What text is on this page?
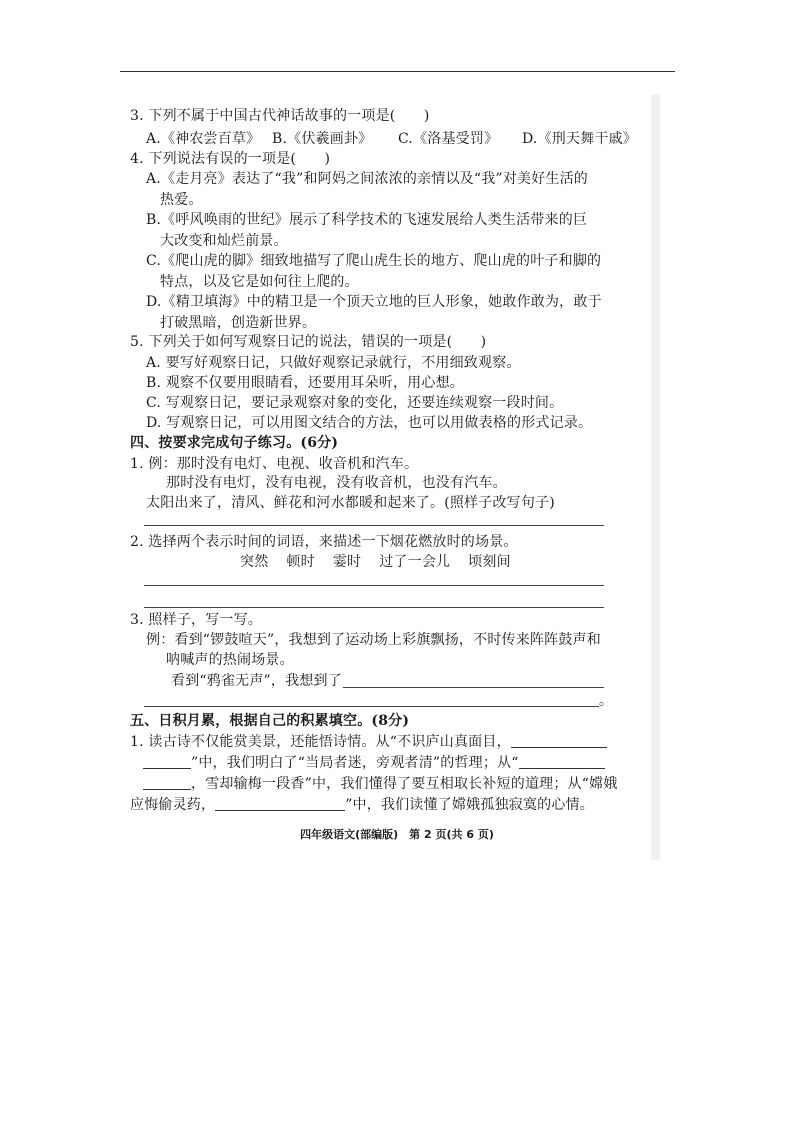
3. 下列不属于中国古代神话故事的一项是(　　)
A.《神农尝百草》 B.《伏羲画卦》 C.《洛基受罚》 D.《刑天舞干戚》
4. 下列说法有误的一项是(　　)
A.《走月亮》表达了“我”和阿妈之间浓浓的亲情以及“我”对美好生活的
热爱。
B.《呼风唤雨的世纪》展示了科学技术的飞速发展给人类生活带来的巨
大改变和灿烂前景。
C.《爬山虎的脚》细致地描写了爬山虎生长的地方、爬山虎的叶子和脚的
特点，以及它是如何往上爬的。
D.《精卫填海》中的精卫是一个顶天立地的巨人形象，她敢作敢为，敢于
打破黑暗，创造新世界。
5. 下列关于如何写观察日记的说法，错误的一项是(　　)
A. 要写好观察日记，只做好观察记录就行，不用细致观察。
B. 观察不仅要用眼睛看，还要用耳朵听，用心想。
C. 写观察日记，要记录观察对象的变化，还要连续观察一段时间。
D. 写观察日记，可以用图文结合的方法，也可以用做表格的形式记录。
四、按要求完成句子练习。(6分)
1. 例：那时没有电灯、电视、收音机和汽车。
那时没有电灯，没有电视，没有收音机，也没有汽车。
太阳出来了，清风、鲜花和河水都暖和起来了。(照样子改写句子)
2. 选择两个表示时间的词语，来描述一下烟花燃放时的场景。
突然 顿时 霎时 过了一会儿 顷刻间
3. 照样子，写一写。
例：看到“锣鼓喧天”，我想到了运动场上彩旗飘扬，不时传来阵阵鼓声和
呐喊声的热闹场景。
看到“鸦雀无声”，我想到了
。
五、日积月累，根据自己的积累填空。(8分)
1. 读古诗不仅能赏美景，还能悟诗情。从“不识庐山真面目，
”中，我们明白了“当局者迷，旁观者清”的哲理；从“
，雪却输梅一段香”中，我们懂得了要互相取长补短的道理；从“嫦娥
应悔偷灵药，	”中，我们读懂了嫦娥孤独寂寞的心情。
四年级语文(部编版)　第 2 页(共 6 页)
